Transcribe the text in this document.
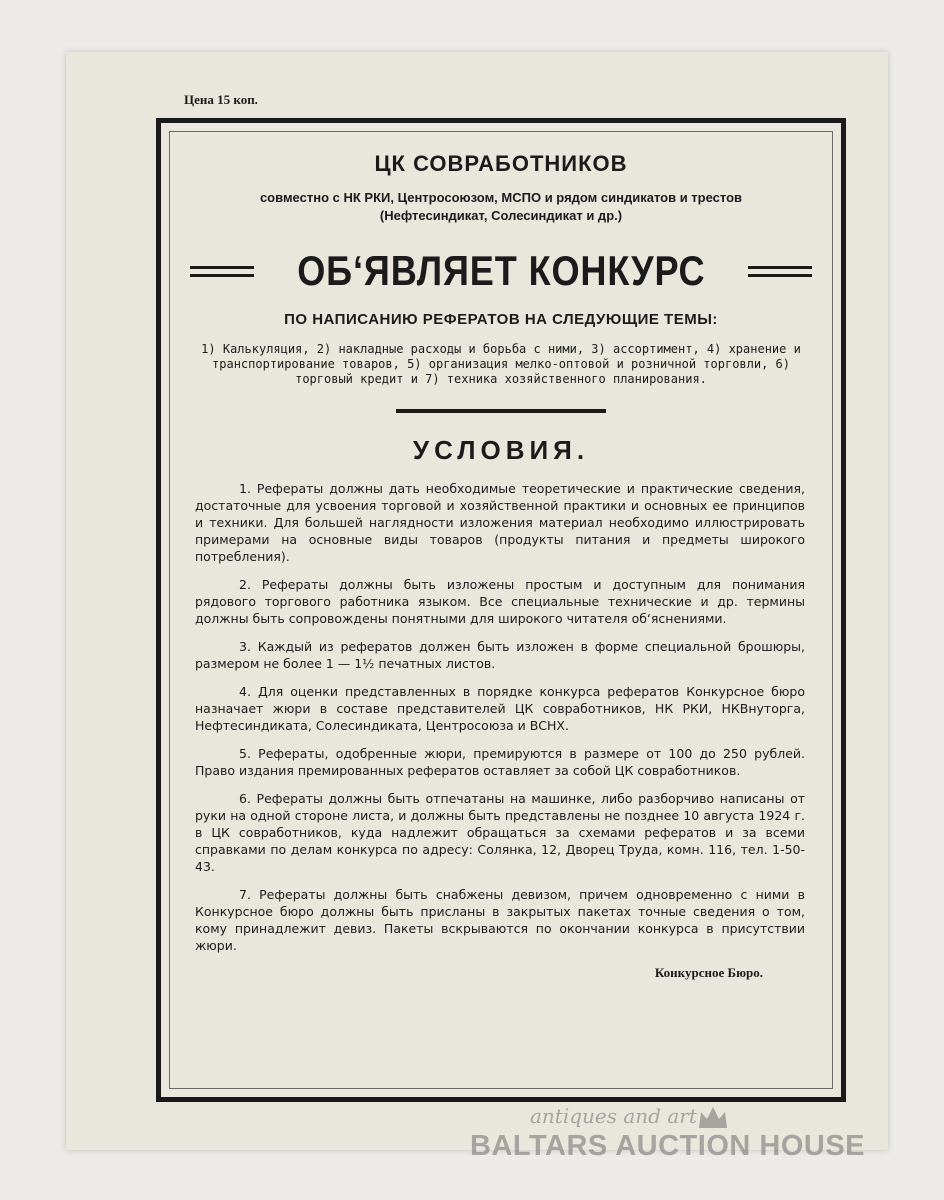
Цена 15 коп.
ЦК СОВРАБОТНИКОВ
совместно с НК РКИ, Центросоюзом, МСПО и рядом синдикатов и трестов
(Нефтесиндикат, Солесиндикат и др.)
ОБ‘ЯВЛЯЕТ КОНКУРС
ПО НАПИСАНИЮ РЕФЕРАТОВ НА СЛЕДУЮЩИЕ ТЕМЫ:
1) Калькуляция, 2) накладные расходы и борьба с ними, 3) ассортимент, 4) хранение и транспортирование товаров, 5) организация мелко-оптовой и розничной торговли, 6) торговый кредит и 7) техника хозяйственного планирования.
УСЛОВИЯ.

1. Рефераты должны дать необходимые теоретические и практические сведения, достаточные для усвоения торговой и хозяйственной практики и основных ее принципов и техники. Для большей наглядности изложения материал необходимо иллюстрировать примерами на основные виды товаров (продукты питания и предметы широкого потребления).

2. Рефераты должны быть изложены простым и доступным для понимания рядового торгового работника языком. Все специальные технические и др. термины должны быть сопровождены понятными для широкого читателя об‘яснениями.

3. Каждый из рефератов должен быть изложен в форме специальной брошюры, размером не более 1 — 1½ печатных листов.

4. Для оценки представленных в порядке конкурса рефератов Конкурсное бюро назначает жюри в составе представителей ЦК совработников, НК РКИ, НКВнуторга, Нефтесиндиката, Солесиндиката, Центросоюза и ВСНХ.

5. Рефераты, одобренные жюри, премируются в размере от 100 до 250 рублей. Право издания премированных рефератов оставляет за собой ЦК совработников.

6. Рефераты должны быть отпечатаны на машинке, либо разборчиво написаны от руки на одной стороне листа, и должны быть представлены не позднее 10 августа 1924 г. в ЦК совработников, куда надлежит обращаться за схемами рефератов и за всеми справками по делам конкурса по адресу: Солянка, 12, Дворец Труда, комн. 116, тел. 1-50-43.

7. Рефераты должны быть снабжены девизом, причем одновременно с ними в Конкурсное бюро должны быть присланы в закрытых пакетах точные сведения о том, кому принадлежит девиз. Пакеты вскрываются по окончании конкурса в присутствии жюри.

Конкурсное Бюро.
antiques and art
BALTARS AUCTION HOUSE
